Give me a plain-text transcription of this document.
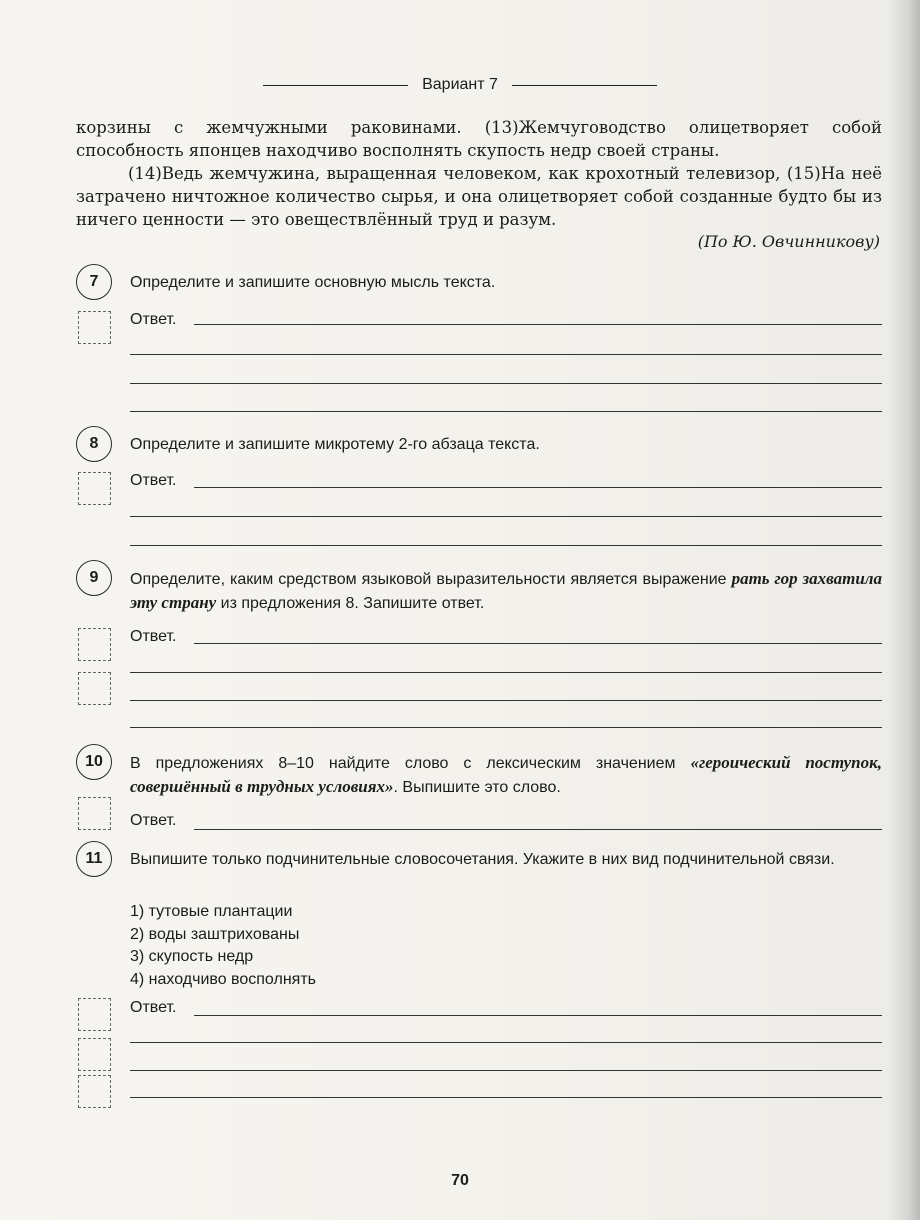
Вариант 7

корзины с жемчужными раковинами. (13)Жемчуговодство олицетворяет собой способность японцев находчиво восполнять скупость недр своей страны.

(14)Ведь жемчужина, выращенная человеком, как крохотный телевизор, (15)На неё затрачено ничтожное количество сырья, и она олицетворяет собой созданные будто бы из ничего ценности — это овеществлённый труд и разум.

(По Ю. Овчинникову)
7	Определите и запишите основную мысль текста.
Ответ.
8	Определите и запишите микротему 2-го абзаца текста.
Ответ.
9	Определите, каким средством языковой выразительности является выражение рать гор захватила эту страну из предложения 8. Запишите ответ.
Ответ.
10	В предложениях 8–10 найдите слово с лексическим значением «героический поступок, совершённый в трудных условиях». Выпишите это слово.
Ответ.
11	Выпишите только подчинительные словосочетания. Укажите в них вид подчинительной связи.
1) тутовые плантации
2) воды заштрихованы
3) скупость недр
4) находчиво восполнять
Ответ.
70
